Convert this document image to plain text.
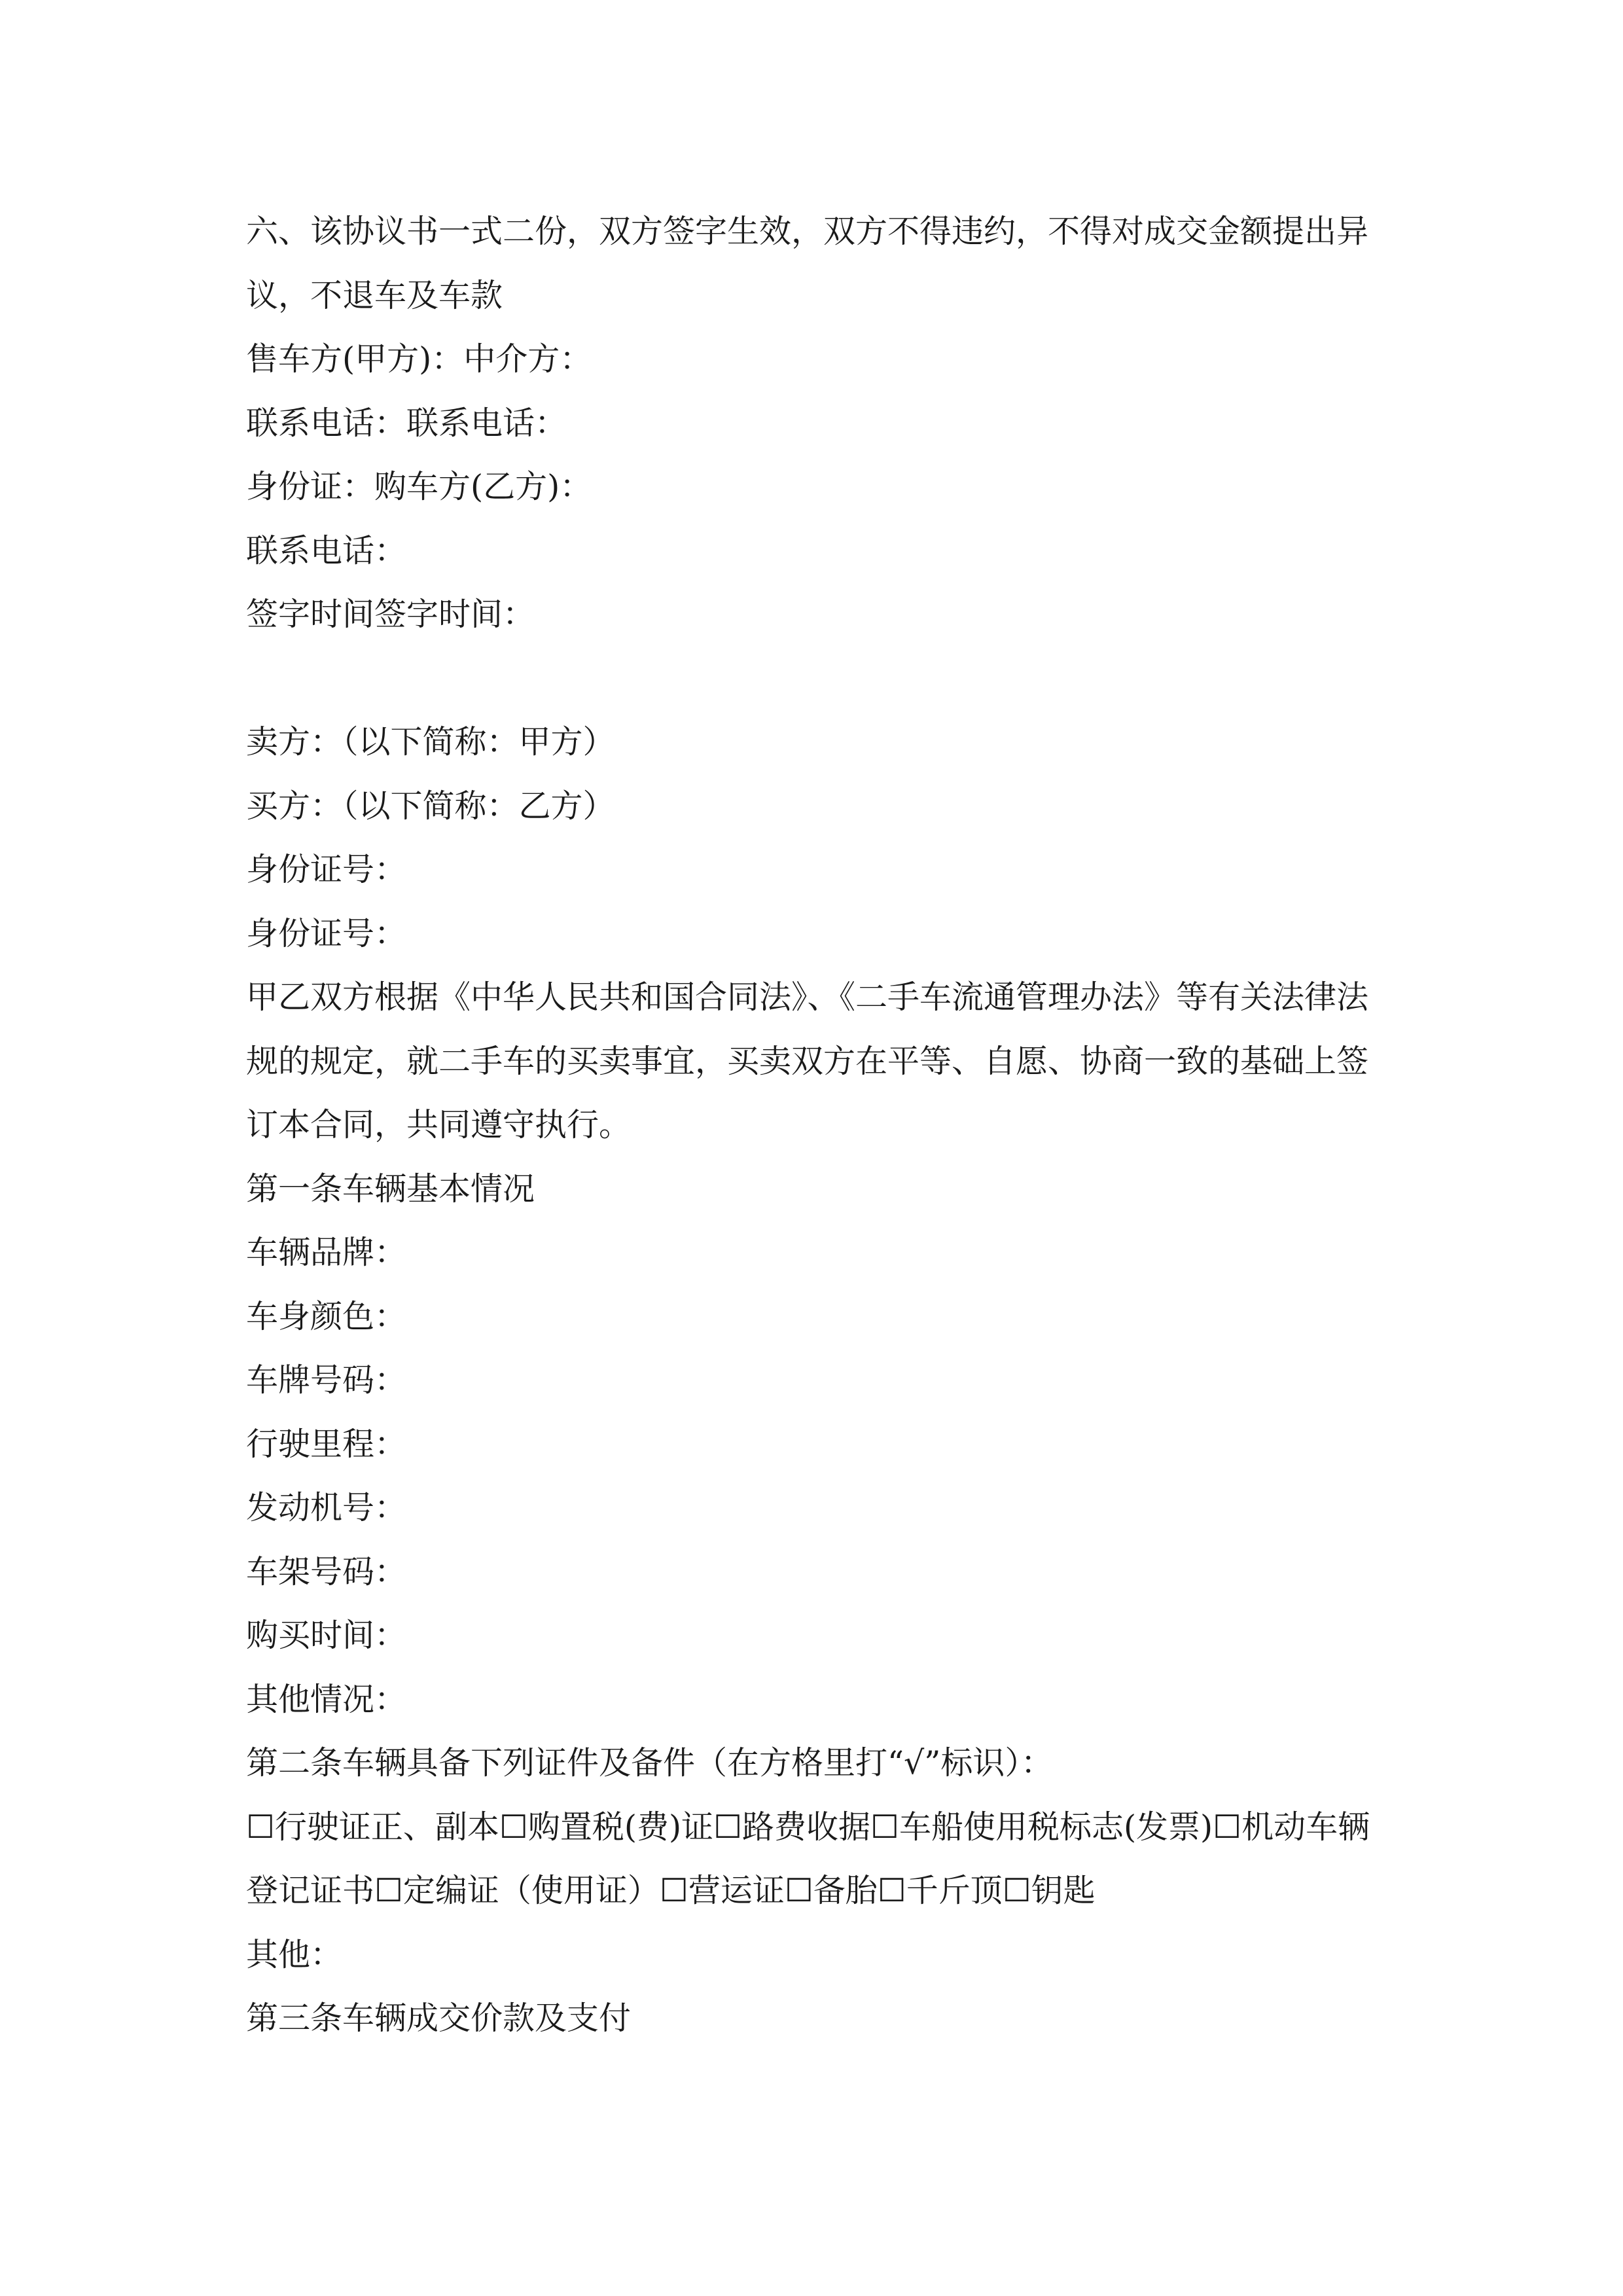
六、该协议书一式二份，双方签字生效，双方不得违约，不得对成交金额提出异议，不退车及车款

售车方(甲方)：中介方：

联系电话：联系电话：

身份证：购车方(乙方)：

联系电话：

签字时间签字时间：

卖方：（以下简称：甲方）

买方：（以下简称：乙方）

身份证号：

身份证号：

甲乙双方根据《中华人民共和国合同法》、《二手车流通管理办法》等有关法律法规的规定，就二手车的买卖事宜，买卖双方在平等、自愿、协商一致的基础上签订本合同，共同遵守执行。

第一条车辆基本情况

车辆品牌：

车身颜色：

车牌号码：

行驶里程：

发动机号：

车架号码：

购买时间：

其他情况：

第二条车辆具备下列证件及备件（在方格里打“√”标识）：

☐行驶证正、副本☐购置税(费)证☐路费收据☐车船使用税标志(发票)☐机动车辆登记证书☐定编证（使用证）☐营运证☐备胎☐千斤顶☐钥匙

其他：

第三条车辆成交价款及支付
